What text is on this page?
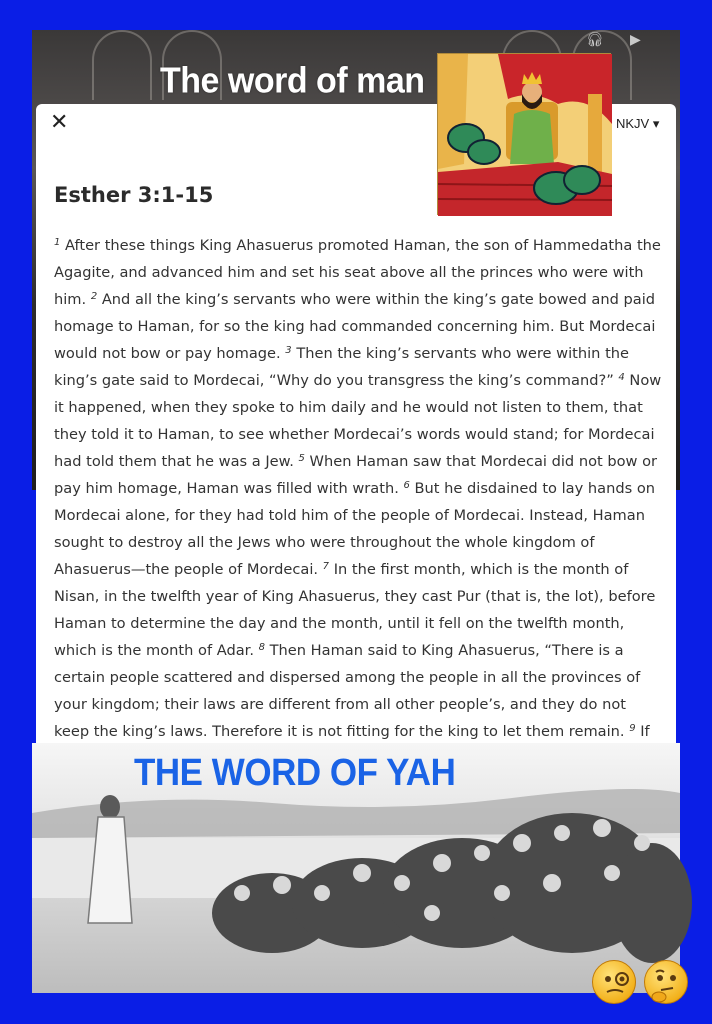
🎧︎ ▶︎
The word of man
✕	NKJV ▾
Esther 3:1-15
$^1$ After these things King Ahasuerus promoted Haman, the son of Hammedatha the Agagite, and advanced him and set his seat above all the princes who were with him. $^2$ And all the king’s servants who were within the king’s gate bowed and paid homage to Haman, for so the king had commanded concerning him. But Mordecai would not bow or pay homage. $^3$ Then the king’s servants who were within the king’s gate said to Mordecai, “Why do you transgress the king’s command?” $^4$ Now it happened, when they spoke to him daily and he would not listen to them, that they told it to Haman, to see whether Mordecai’s words would stand; for Mordecai had told them that he was a Jew. $^5$ When Haman saw that Mordecai did not bow or pay him homage, Haman was filled with wrath. $^6$ But he disdained to lay hands on Mordecai alone, for they had told him of the people of Mordecai. Instead, Haman sought to destroy all the Jews who were throughout the whole kingdom of Ahasuerus—the people of Mordecai. $^7$ In the first month, which is the month of Nisan, in the twelfth year of King Ahasuerus, they cast Pur (that is, the lot), before Haman to determine the day and the month, until it fell on the twelfth month, which is the month of Adar. $^8$ Then Haman said to King Ahasuerus, “There is a certain people scattered and dispersed among the people in all the provinces of your kingdom; their laws are different from all other people’s, and they do not keep the king’s laws. Therefore it is not fitting for the king to let them remain. $^9$ If
THE WORD OF YAH
